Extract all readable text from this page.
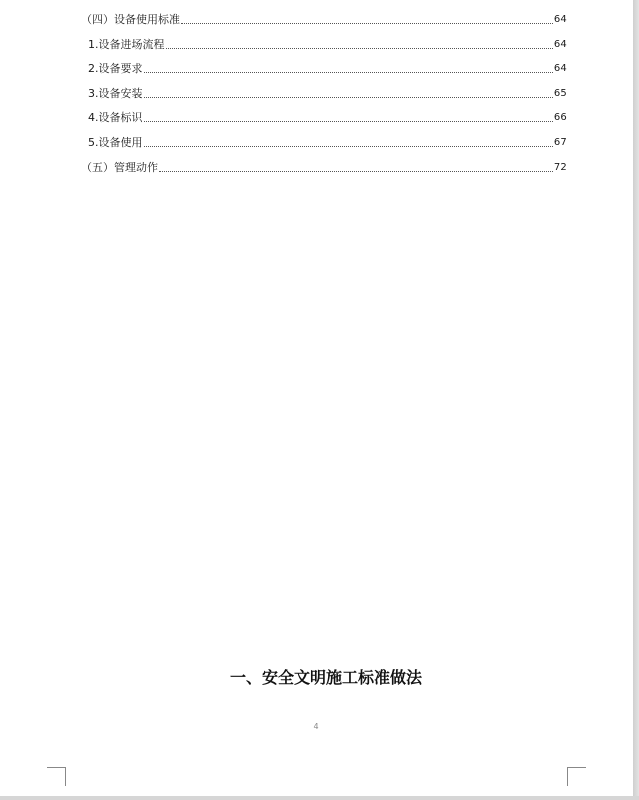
（四）设备使用标准	64
1.设备进场流程	64
2.设备要求	64
3.设备安装	65
4.设备标识	66
5.设备使用	67
（五）管理动作	72
一、安全文明施工标准做法
4
